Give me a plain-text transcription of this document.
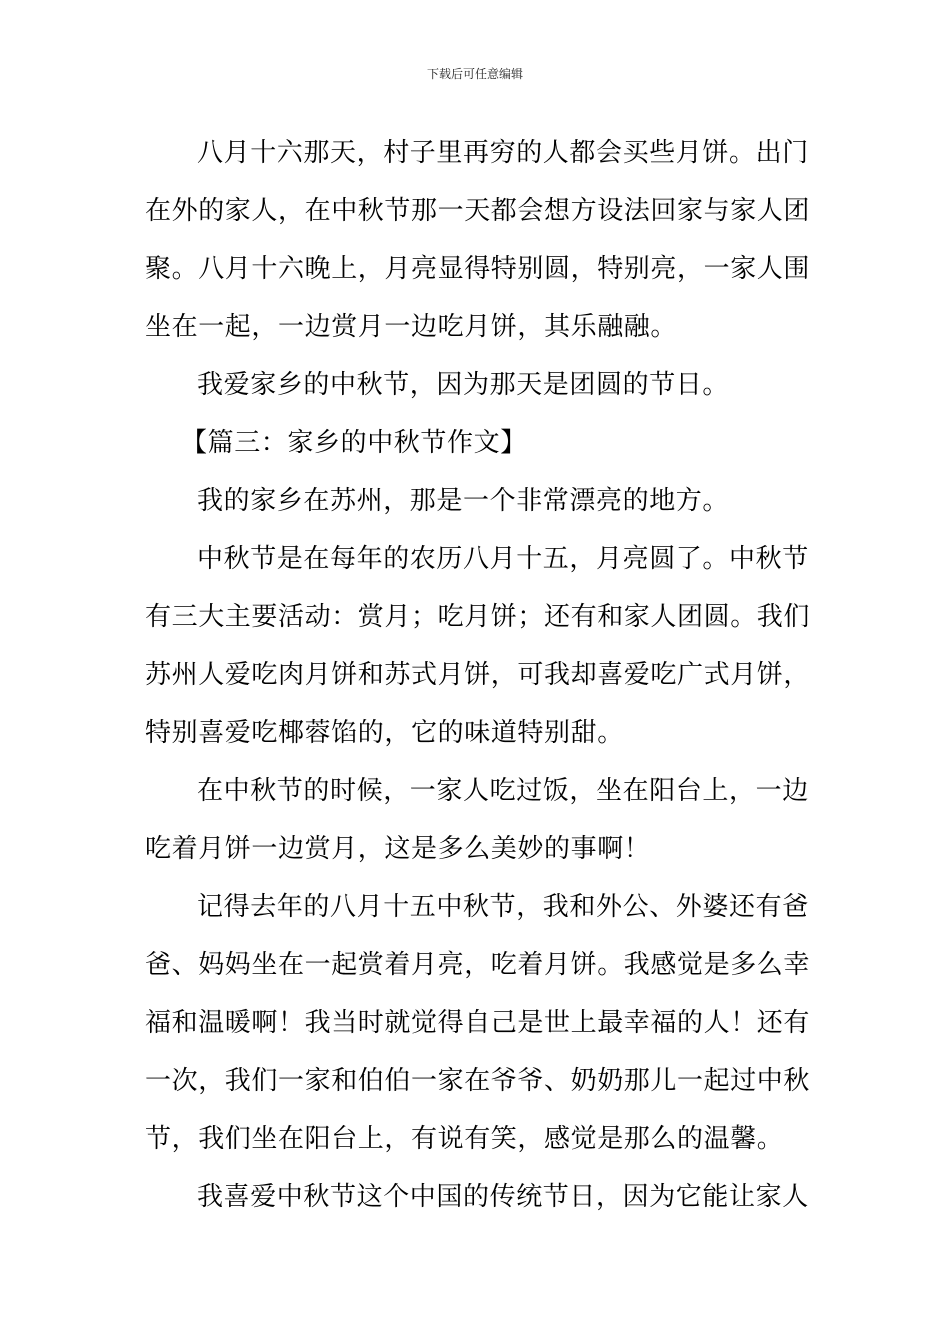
下载后可任意编辑
八月十六那天，村子里再穷的人都会买些月饼。出门
在外的家人，在中秋节那一天都会想方设法回家与家人团
聚。八月十六晚上，月亮显得特别圆，特别亮，一家人围
坐在一起，一边赏月一边吃月饼，其乐融融。
我爱家乡的中秋节，因为那天是团圆的节日。
【篇三：家乡的中秋节作文】
我的家乡在苏州，那是一个非常漂亮的地方。
中秋节是在每年的农历八月十五，月亮圆了。中秋节
有三大主要活动：赏月；吃月饼；还有和家人团圆。我们
苏州人爱吃肉月饼和苏式月饼，可我却喜爱吃广式月饼，
特别喜爱吃椰蓉馅的，它的味道特别甜。
在中秋节的时候，一家人吃过饭，坐在阳台上，一边
吃着月饼一边赏月，这是多么美妙的事啊！
记得去年的八月十五中秋节，我和外公、外婆还有爸
爸、妈妈坐在一起赏着月亮，吃着月饼。我感觉是多么幸
福和温暖啊！我当时就觉得自己是世上最幸福的人！还有
一次，我们一家和伯伯一家在爷爷、奶奶那儿一起过中秋
节，我们坐在阳台上，有说有笑，感觉是那么的温馨。
我喜爱中秋节这个中国的传统节日，因为它能让家人
